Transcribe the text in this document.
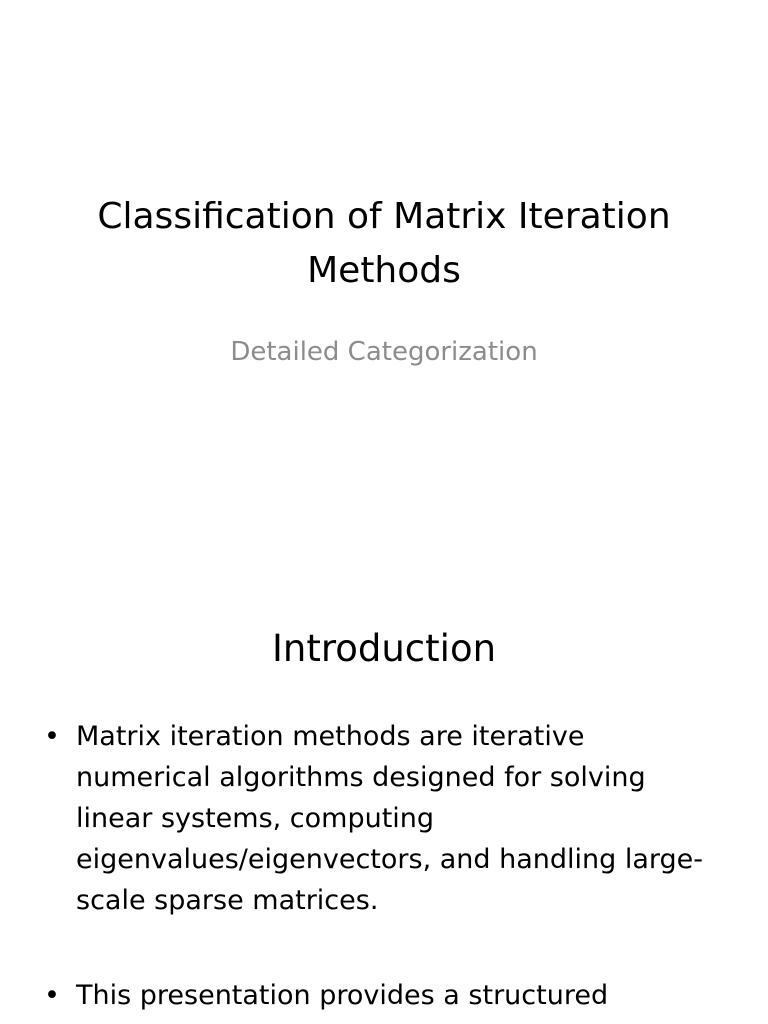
Classification of Matrix Iteration Methods
Detailed Categorization
Introduction
• Matrix iteration methods are iterative numerical algorithms designed for solving linear systems, computing eigenvalues/eigenvectors, and handling large-scale sparse matrices.
• This presentation provides a structured
